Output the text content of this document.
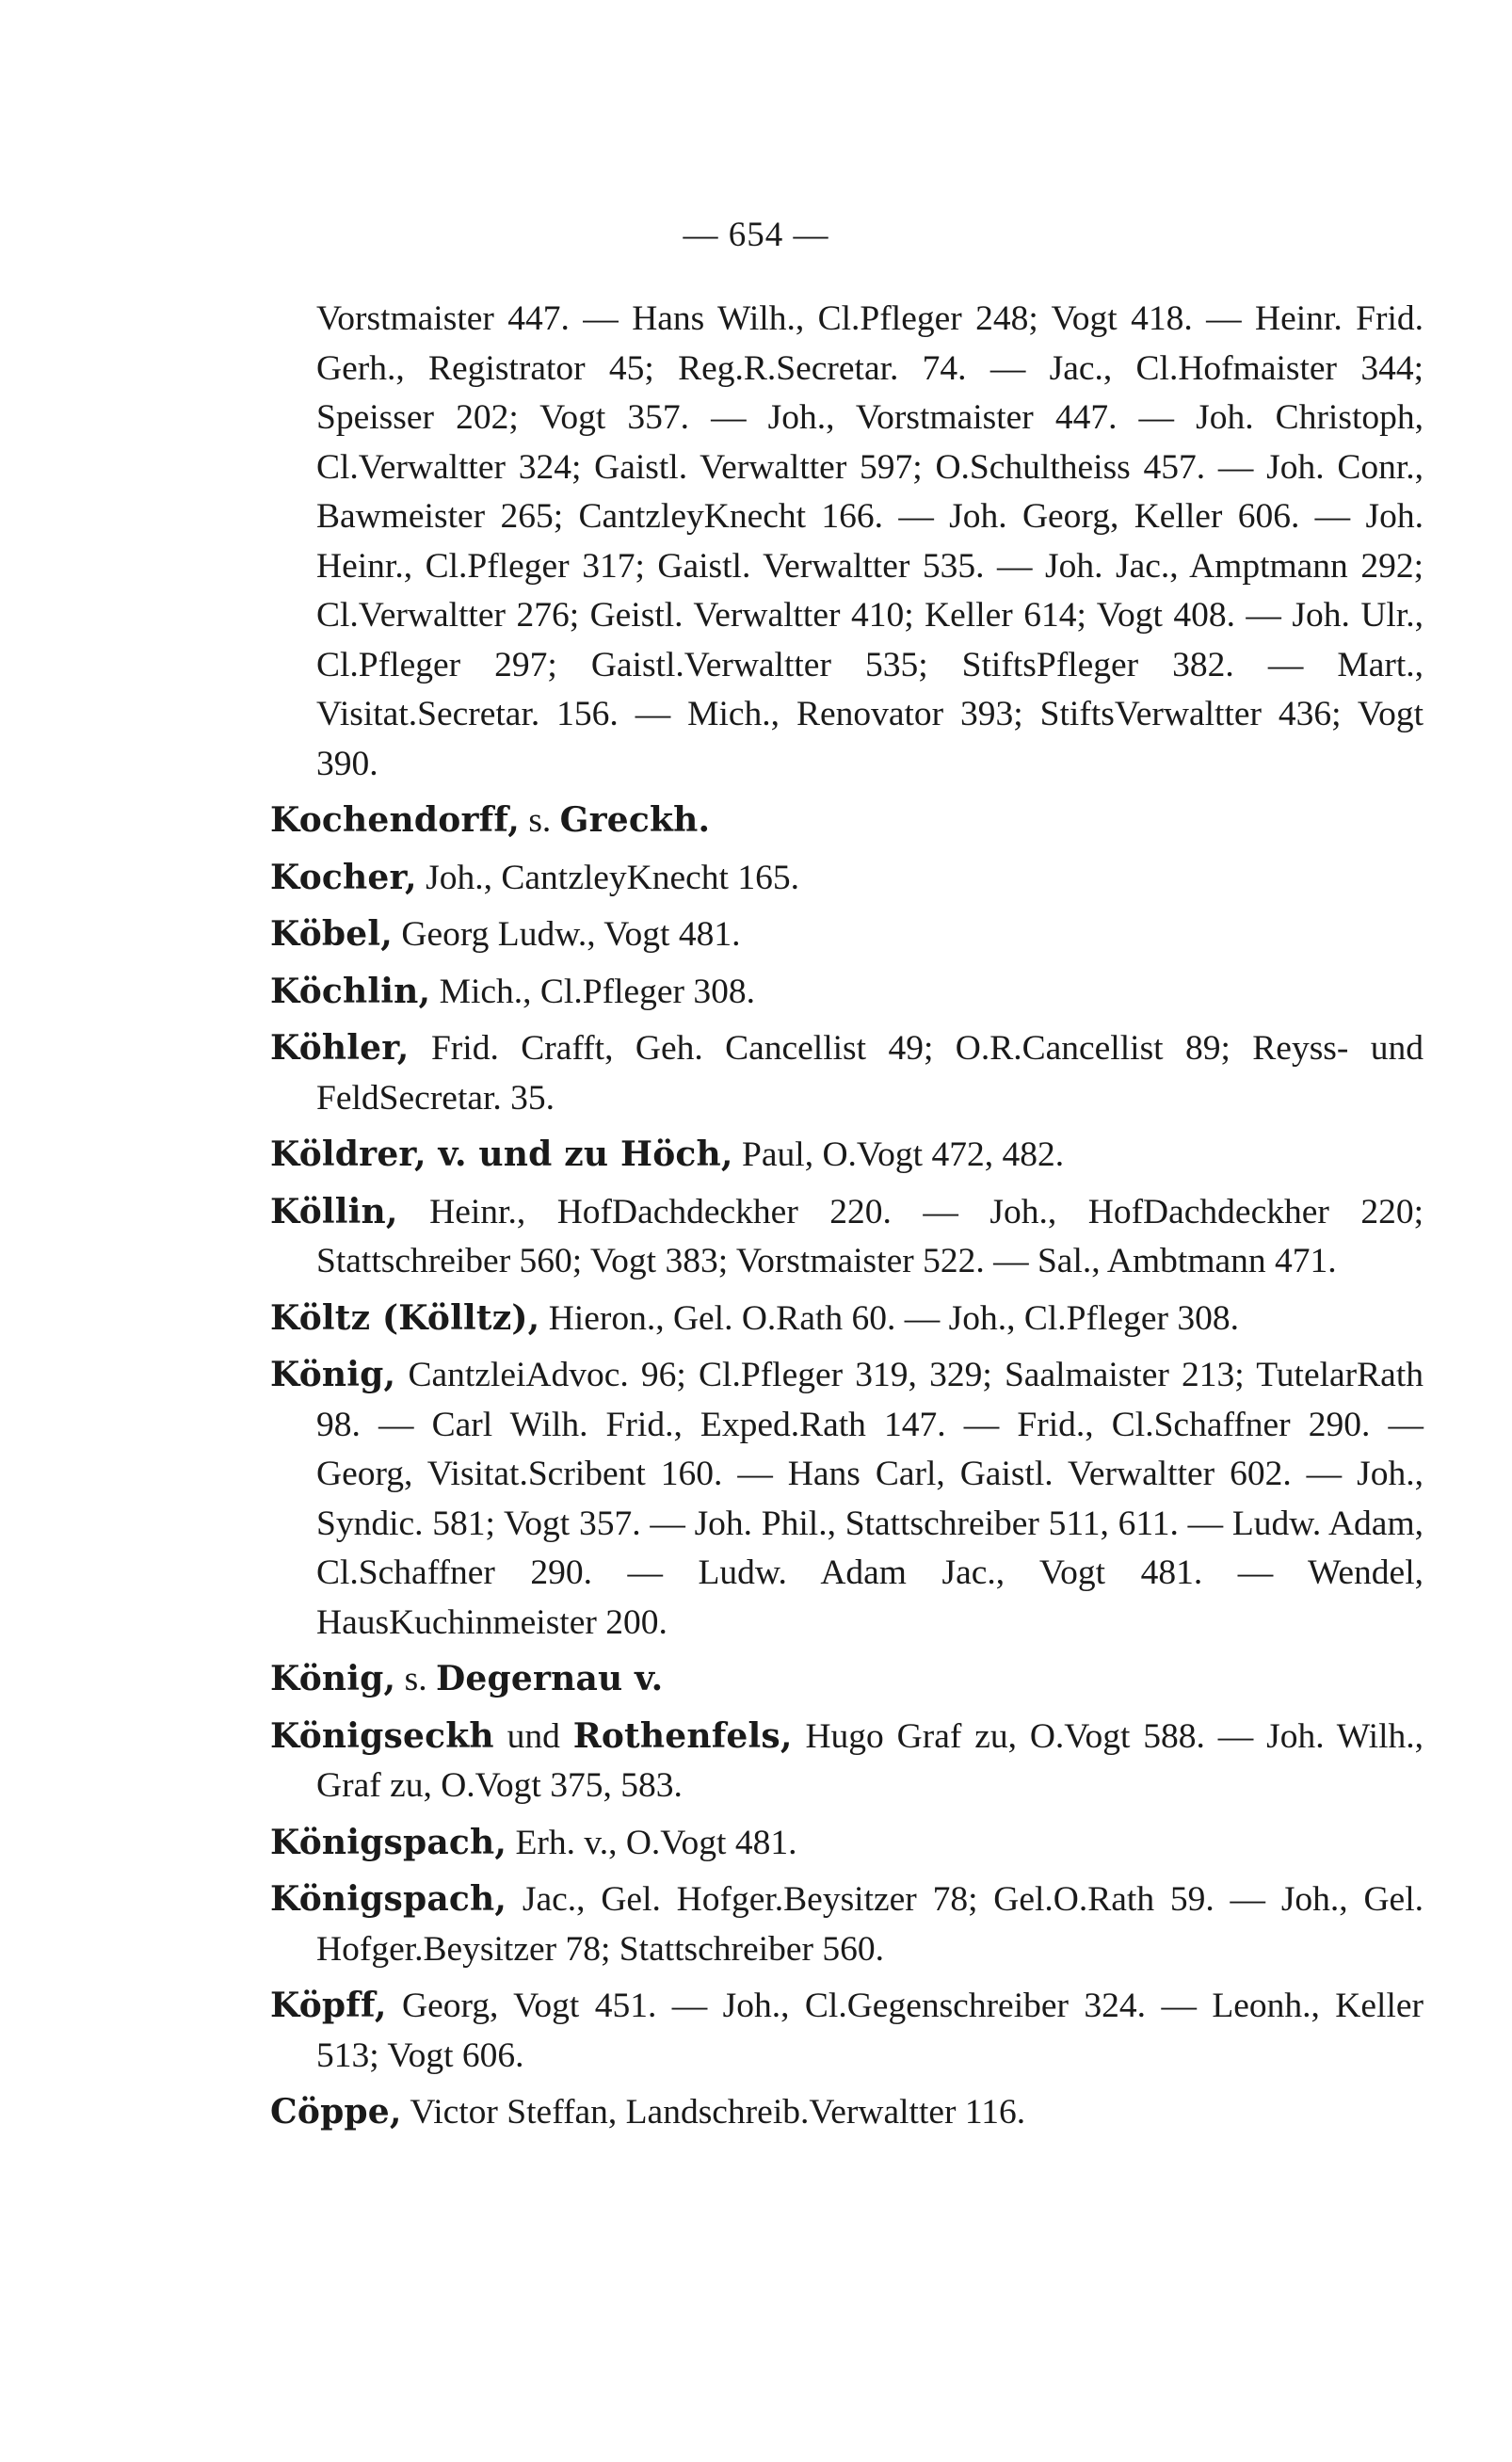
— 654 —

Vorstmaister 447. — Hans Wilh., Cl.Pfleger 248; Vogt 418. — Heinr. Frid. Gerh., Registrator 45; Reg.R.Secretar. 74. — Jac., Cl.Hofmaister 344; Speisser 202; Vogt 357. — Joh., Vorstmaister 447. — Joh. Christoph, Cl.Verwaltter 324; Gaistl. Verwaltter 597; O.Schultheiss 457. — Joh. Conr., Bawmeister 265; CantzleyKnecht 166. — Joh. Georg, Keller 606. — Joh. Heinr., Cl.Pfleger 317; Gaistl. Verwaltter 535. — Joh. Jac., Amptmann 292; Cl.Verwaltter 276; Geistl. Verwaltter 410; Keller 614; Vogt 408. — Joh. Ulr., Cl.Pfleger 297; Gaistl.Verwaltter 535; StiftsPfleger 382. — Mart., Visitat.Secretar. 156. — Mich., Renovator 393; StiftsVerwaltter 436; Vogt 390.

Kochendorff, s. Greckh.

Kocher, Joh., CantzleyKnecht 165.

Köbel, Georg Ludw., Vogt 481.

Köchlin, Mich., Cl.Pfleger 308.

Köhler, Frid. Crafft, Geh. Cancellist 49; O.R.Cancellist 89; Reyss- und FeldSecretar. 35.

Köldrer, v. und zu Höch, Paul, O.Vogt 472, 482.

Köllin, Heinr., HofDachdeckher 220. — Joh., HofDachdeckher 220; Stattschreiber 560; Vogt 383; Vorstmaister 522. — Sal., Ambtmann 471.

Költz (Kölltz), Hieron., Gel. O.Rath 60. — Joh., Cl.Pfleger 308.

König, CantzleiAdvoc. 96; Cl.Pfleger 319, 329; Saalmaister 213; TutelarRath 98. — Carl Wilh. Frid., Exped.Rath 147. — Frid., Cl.Schaffner 290. — Georg, Visitat.Scribent 160. — Hans Carl, Gaistl. Verwaltter 602. — Joh., Syndic. 581; Vogt 357. — Joh. Phil., Stattschreiber 511, 611. — Ludw. Adam, Cl.Schaffner 290. — Ludw. Adam Jac., Vogt 481. — Wendel, HausKuchinmeister 200.

König, s. Degernau v.

Königseckh und Rothenfels, Hugo Graf zu, O.Vogt 588. — Joh. Wilh., Graf zu, O.Vogt 375, 583.

Königspach, Erh. v., O.Vogt 481.

Königspach, Jac., Gel. Hofger.Beysitzer 78; Gel.O.Rath 59. — Joh., Gel. Hofger.Beysitzer 78; Stattschreiber 560.

Köpff, Georg, Vogt 451. — Joh., Cl.Gegenschreiber 324. — Leonh., Keller 513; Vogt 606.

Cöppe, Victor Steffan, Landschreib.Verwaltter 116.
